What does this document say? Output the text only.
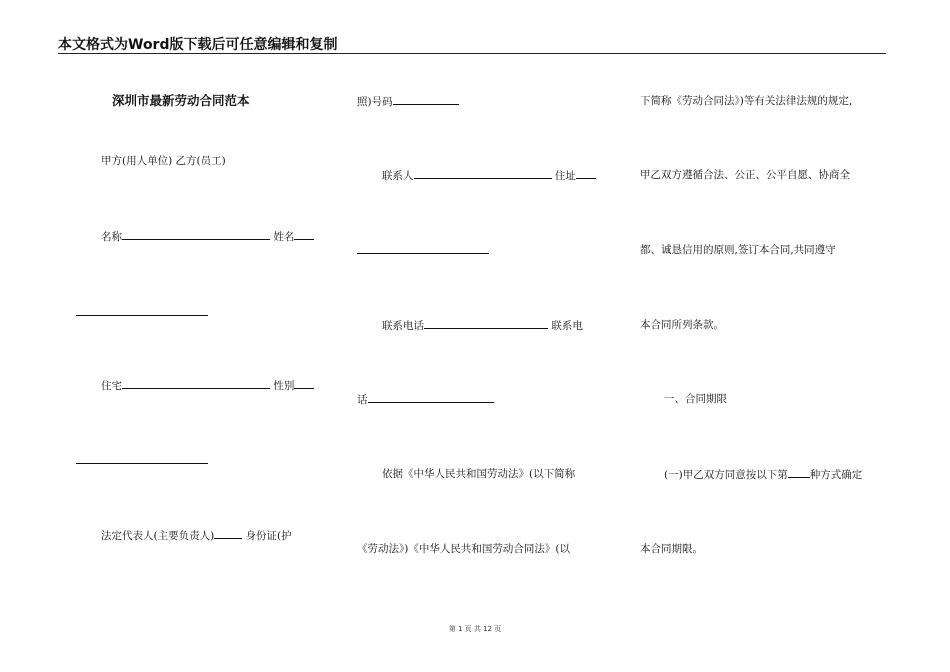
本文格式为Word版下载后可任意编辑和复制
深圳市最新劳动合同范本
甲方(用人单位) 乙方(员工)
名称	姓名
住宅	性别
法定代表人(主要负责人)	身份证(护
照)号码
联系人	住址
联系电话	联系电
话
依据《中华人民共和国劳动法》(以下简称
《劳动法》)《中华人民共和国劳动合同法》(以
下简称《劳动合同法》)等有关法律法规的规定,
甲乙双方遵循合法、公正、公平自愿、协商全
都、诚恳信用的原则,签订本合同,共同遵守
本合同所列条款。
一、合同期限
(一)甲乙双方同意按以下第 种方式确定
本合同期限。
第 1 页 共 12 页
